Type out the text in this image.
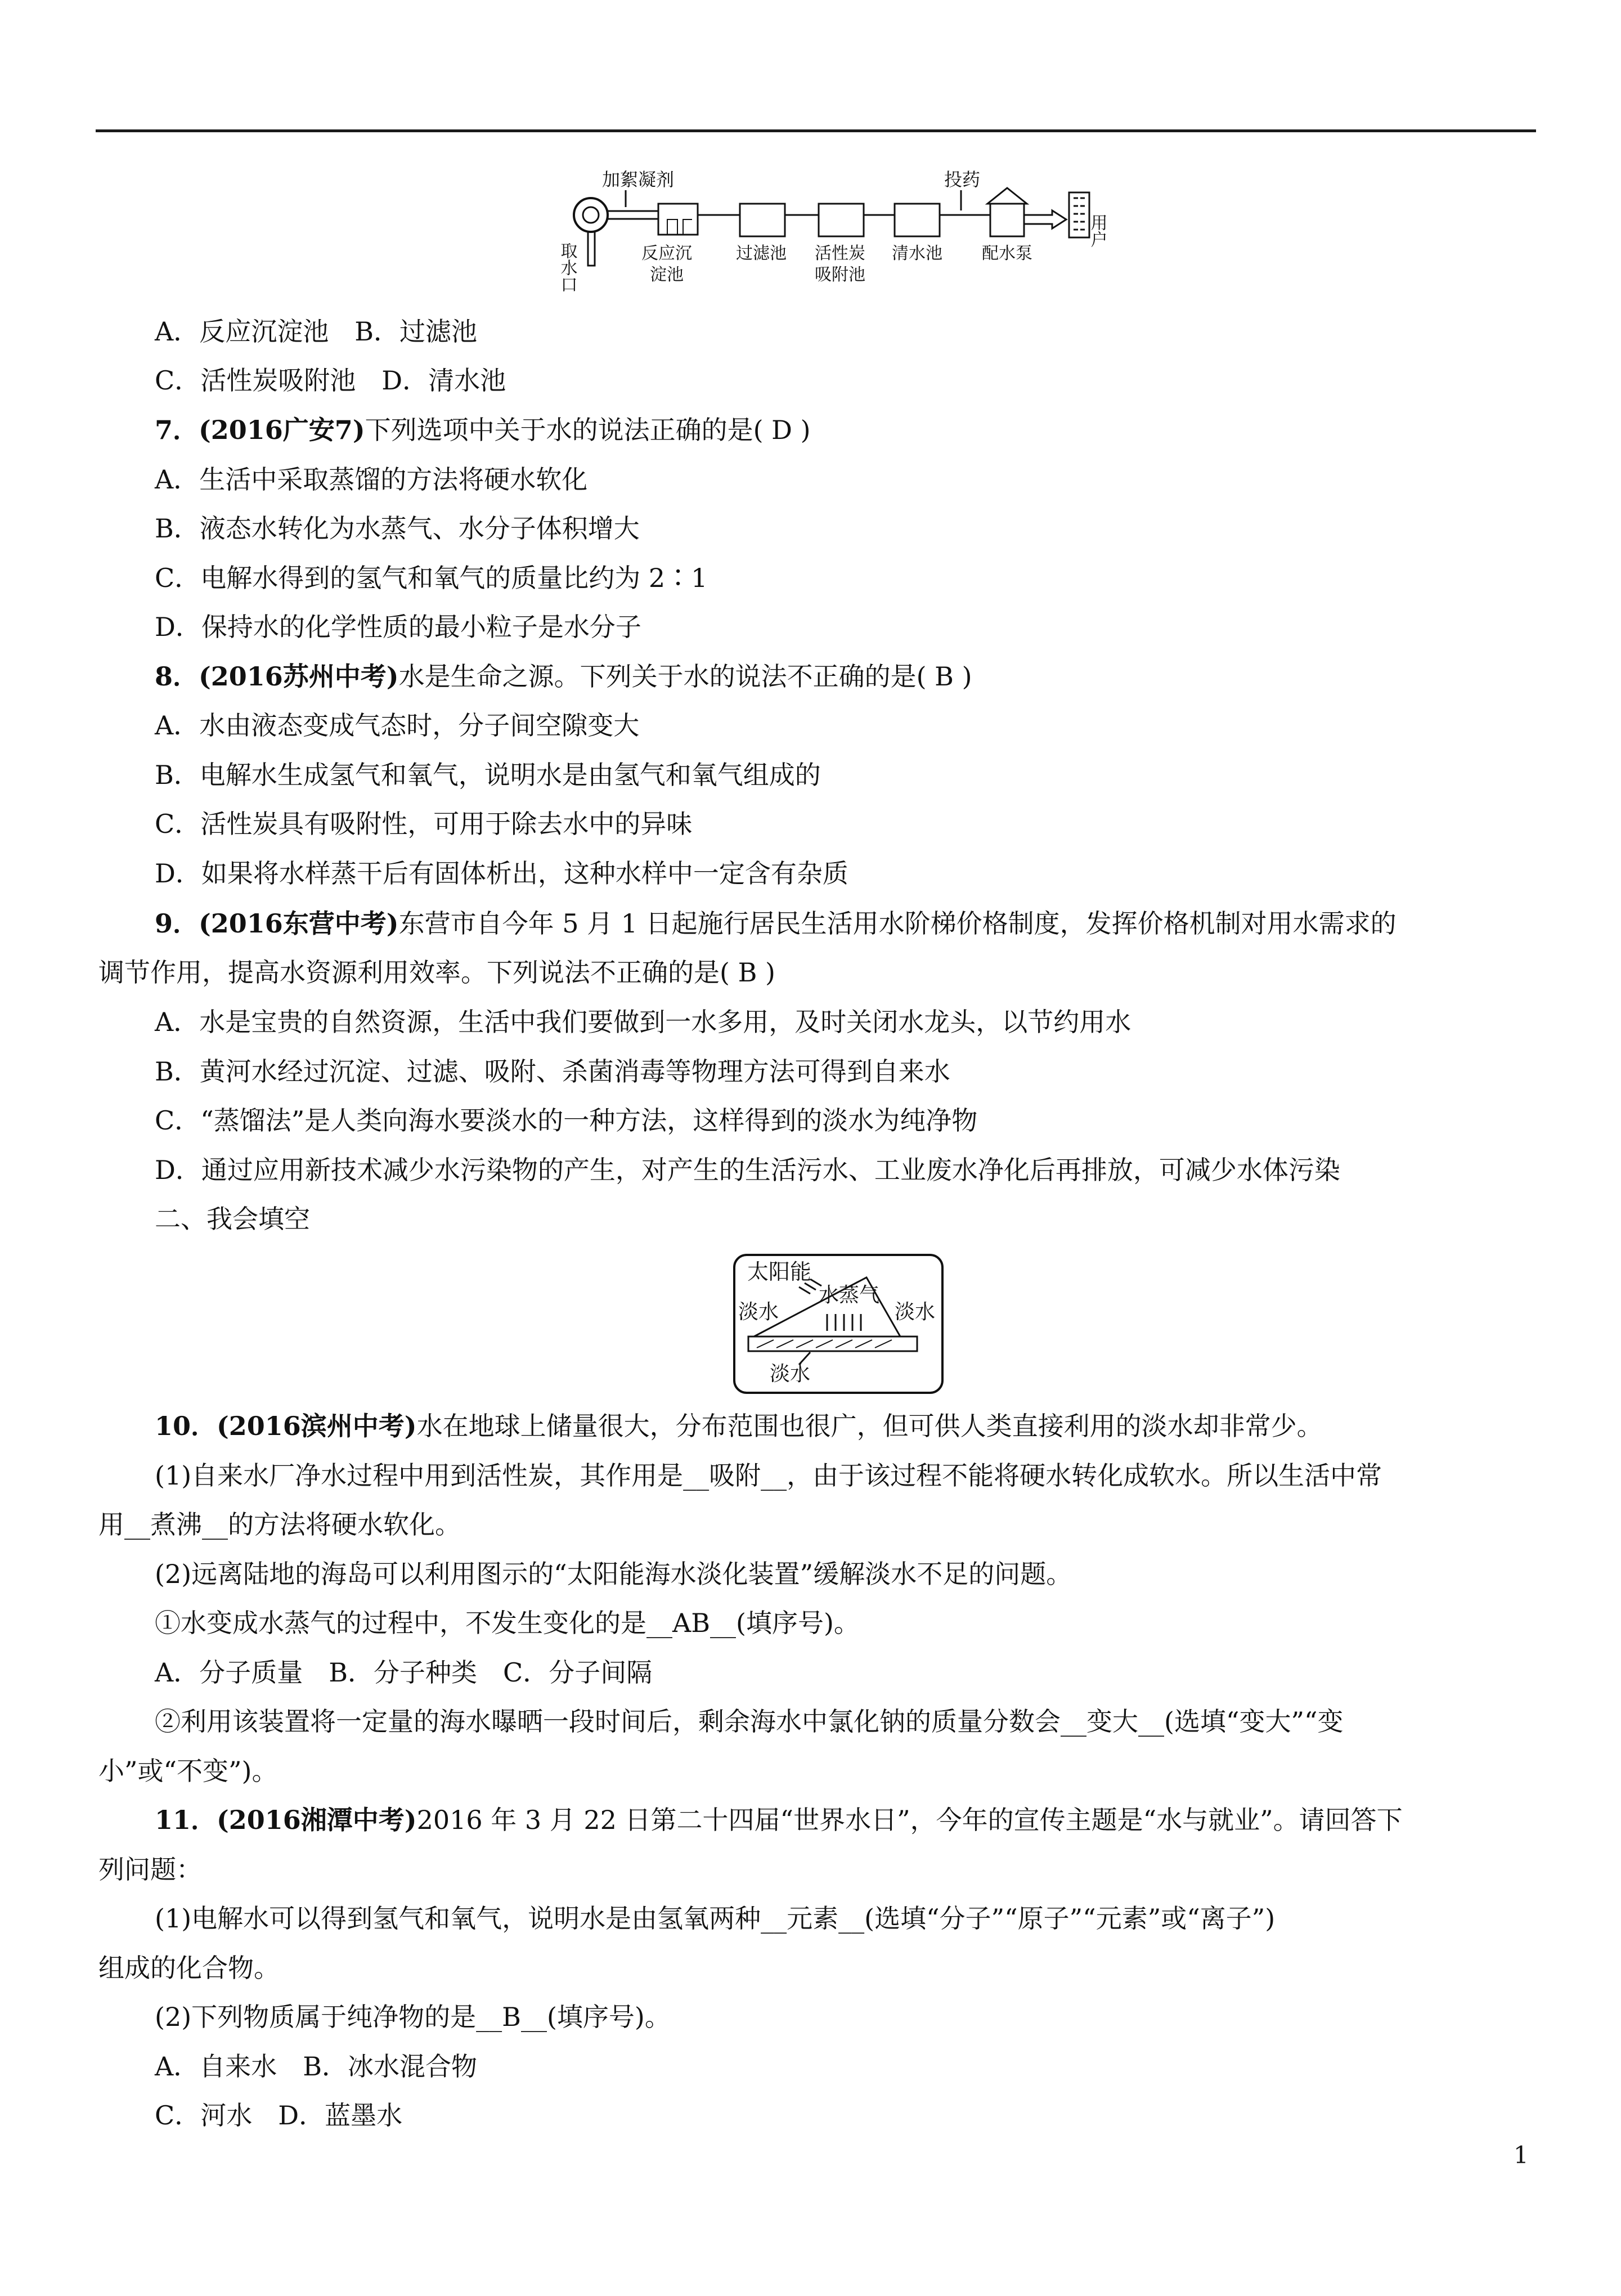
取水口
加絮凝剂	投药
用户
反应沉
淀池
过滤池 活性炭
吸附池
清水池 配水泵
太阳能
水蒸气
淡水	淡水
淡水
A．反应沉淀池　B．过滤池
C．活性炭吸附池　D．清水池
7．(2016广安7)下列选项中关于水的说法正确的是( D )
A．生活中采取蒸馏的方法将硬水软化
B．液态水转化为水蒸气、水分子体积增大
C．电解水得到的氢气和氧气的质量比约为 2∶1
D．保持水的化学性质的最小粒子是水分子
8．(2016苏州中考)水是生命之源。下列关于水的说法不正确的是( B )
A．水由液态变成气态时，分子间空隙变大
B．电解水生成氢气和氧气，说明水是由氢气和氧气组成的
C．活性炭具有吸附性，可用于除去水中的异味
D．如果将水样蒸干后有固体析出，这种水样中一定含有杂质
9．(2016东营中考)东营市自今年 5 月 1 日起施行居民生活用水阶梯价格制度，发挥价格机制对用水需求的
调节作用，提高水资源利用效率。下列说法不正确的是( B )
A．水是宝贵的自然资源，生活中我们要做到一水多用，及时关闭水龙头，以节约用水
B．黄河水经过沉淀、过滤、吸附、杀菌消毒等物理方法可得到自来水
C．“蒸馏法”是人类向海水要淡水的一种方法，这样得到的淡水为纯净物
D．通过应用新技术减少水污染物的产生，对产生的生活污水、工业废水净化后再排放，可减少水体污染
二、我会填空
10．(2016滨州中考)水在地球上储量很大，分布范围也很广，但可供人类直接利用的淡水却非常少。
(1)自来水厂净水过程中用到活性炭，其作用是__吸附__，由于该过程不能将硬水转化成软水。所以生活中常
用__煮沸__的方法将硬水软化。
(2)远离陆地的海岛可以利用图示的“太阳能海水淡化装置”缓解淡水不足的问题。
①水变成水蒸气的过程中，不发生变化的是__AB__(填序号)。
A．分子质量　B．分子种类　C．分子间隔
②利用该装置将一定量的海水曝晒一段时间后，剩余海水中氯化钠的质量分数会__变大__(选填“变大”“变
小”或“不变”)。
11．(2016湘潭中考)2016 年 3 月 22 日第二十四届“世界水日”，今年的宣传主题是“水与就业”。请回答下
列问题：
(1)电解水可以得到氢气和氧气，说明水是由氢氧两种__元素__(选填“分子”“原子”“元素”或“离子”)
组成的化合物。
(2)下列物质属于纯净物的是__B__(填序号)。
A．自来水　B．冰水混合物
C．河水　D．蓝墨水
1
